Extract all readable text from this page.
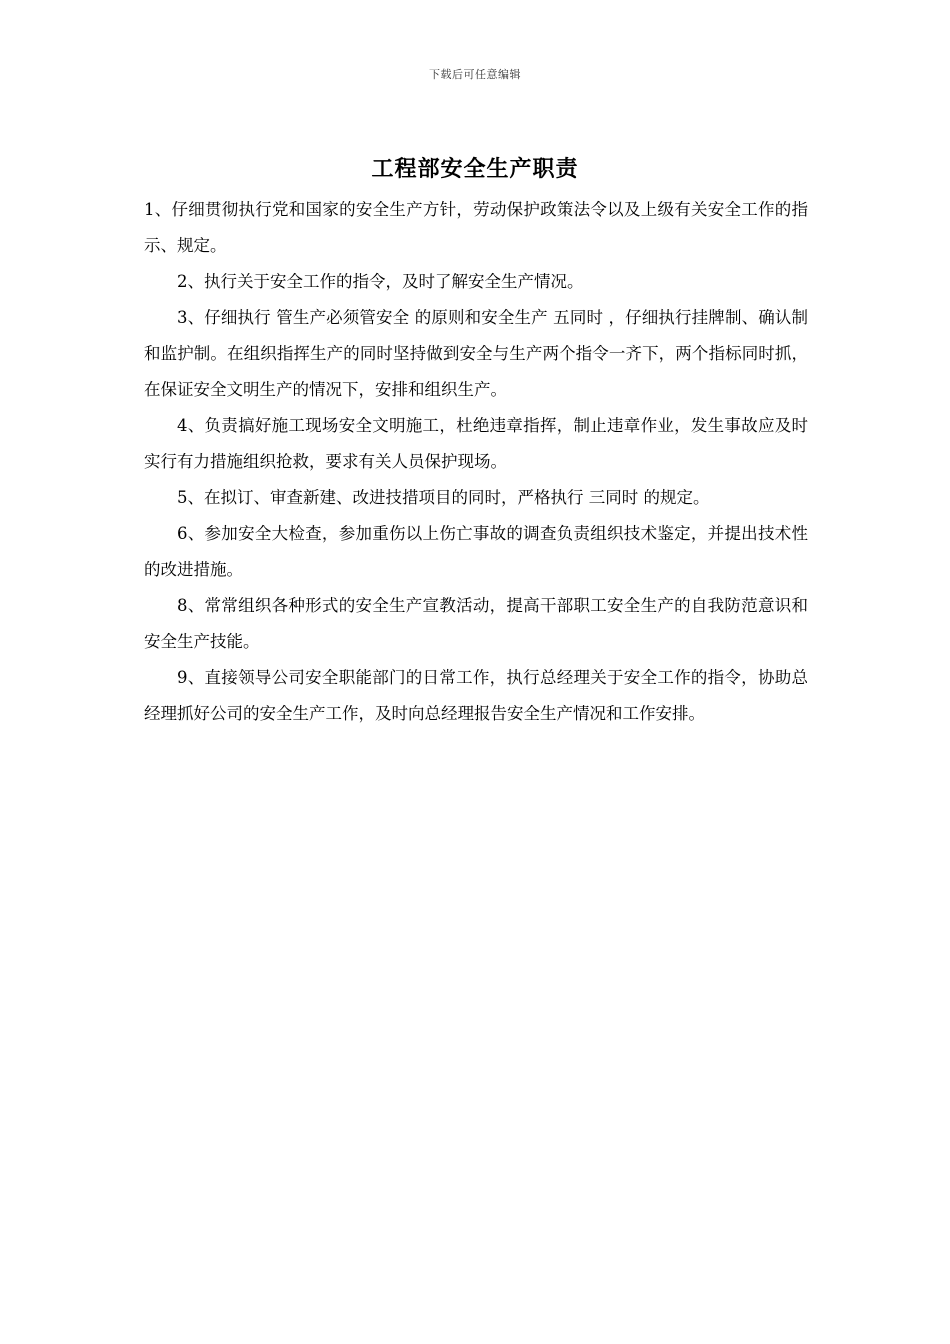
下载后可任意编辑
工程部安全生产职责

1、仔细贯彻执行党和国家的安全生产方针，劳动保护政策法令以及上级有关安全工作的指示、规定。

2、执行关于安全工作的指令，及时了解安全生产情况。

3、仔细执行 管生产必须管安全 的原则和安全生产 五同时 ，仔细执行挂牌制、确认制和监护制。在组织指挥生产的同时坚持做到安全与生产两个指令一齐下，两个指标同时抓，在保证安全文明生产的情况下，安排和组织生产。

4、负责搞好施工现场安全文明施工，杜绝违章指挥，制止违章作业，发生事故应及时实行有力措施组织抢救，要求有关人员保护现场。

5、在拟订、审查新建、改进技措项目的同时，严格执行 三同时 的规定。

6、参加安全大检查，参加重伤以上伤亡事故的调查负责组织技术鉴定，并提出技术性的改进措施。

8、常常组织各种形式的安全生产宣教活动，提高干部职工安全生产的自我防范意识和安全生产技能。

9、直接领导公司安全职能部门的日常工作，执行总经理关于安全工作的指令，协助总经理抓好公司的安全生产工作，及时向总经理报告安全生产情况和工作安排。
